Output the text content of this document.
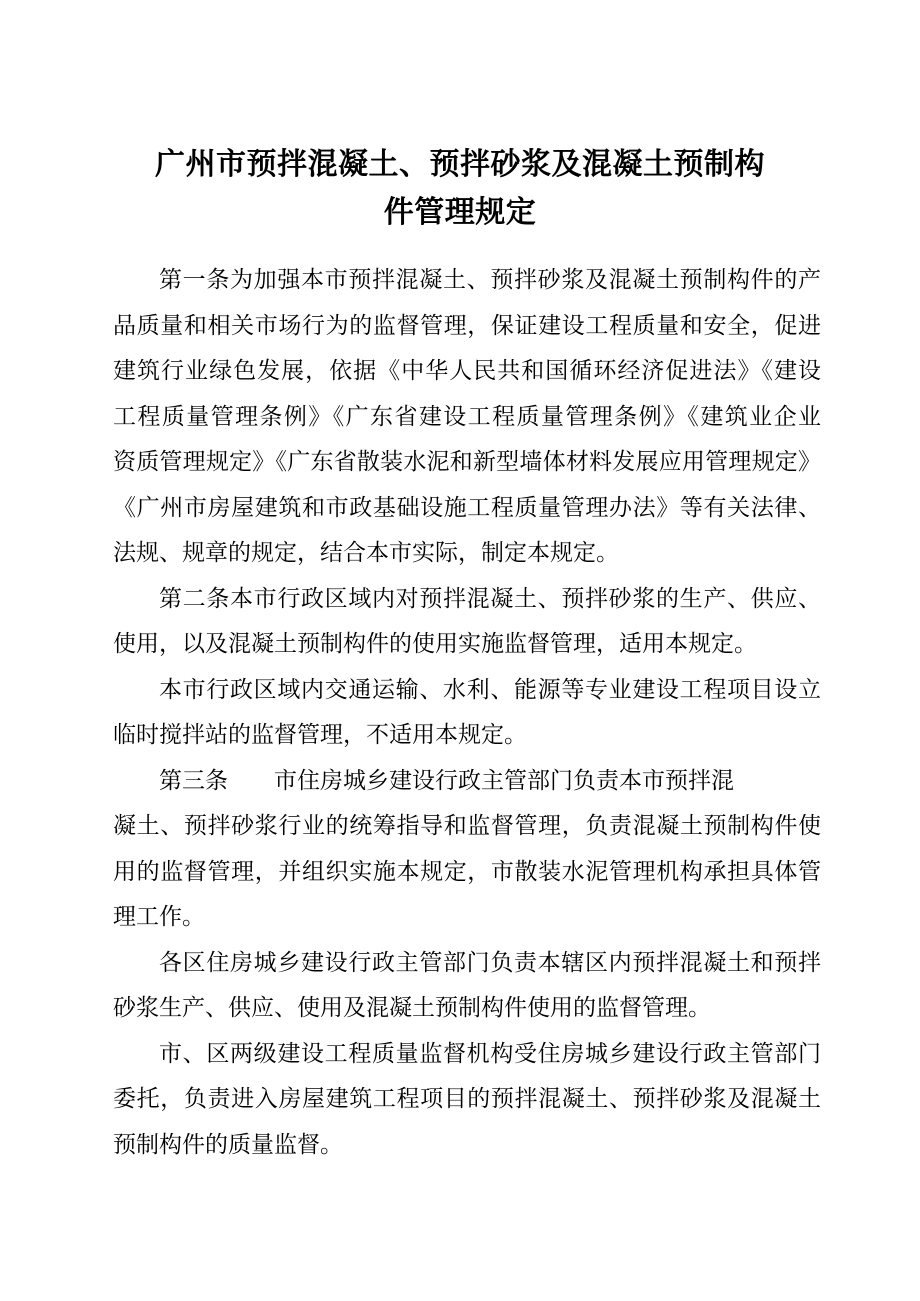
广州市预拌混凝土、预拌砂浆及混凝土预制构
件管理规定
第一条为加强本市预拌混凝土、预拌砂浆及混凝土预制构件的产
品质量和相关市场行为的监督管理，保证建设工程质量和安全，促进
建筑行业绿色发展，依据《中华人民共和国循环经济促进法》《建设
工程质量管理条例》《广东省建设工程质量管理条例》《建筑业企业
资质管理规定》《广东省散装水泥和新型墙体材料发展应用管理规定》
《广州市房屋建筑和市政基础设施工程质量管理办法》等有关法律、
法规、规章的规定，结合本市实际，制定本规定。
第二条本市行政区域内对预拌混凝土、预拌砂浆的生产、供应、
使用，以及混凝土预制构件的使用实施监督管理，适用本规定。
本市行政区域内交通运输、水利、能源等专业建设工程项目设立
临时搅拌站的监督管理，不适用本规定。
第三条　　市住房城乡建设行政主管部门负责本市预拌混
凝土、预拌砂浆行业的统筹指导和监督管理，负责混凝土预制构件使
用的监督管理，并组织实施本规定，市散装水泥管理机构承担具体管
理工作。
各区住房城乡建设行政主管部门负责本辖区内预拌混凝土和预拌
砂浆生产、供应、使用及混凝土预制构件使用的监督管理。
市、区两级建设工程质量监督机构受住房城乡建设行政主管部门
委托，负责进入房屋建筑工程项目的预拌混凝土、预拌砂浆及混凝土
预制构件的质量监督。
